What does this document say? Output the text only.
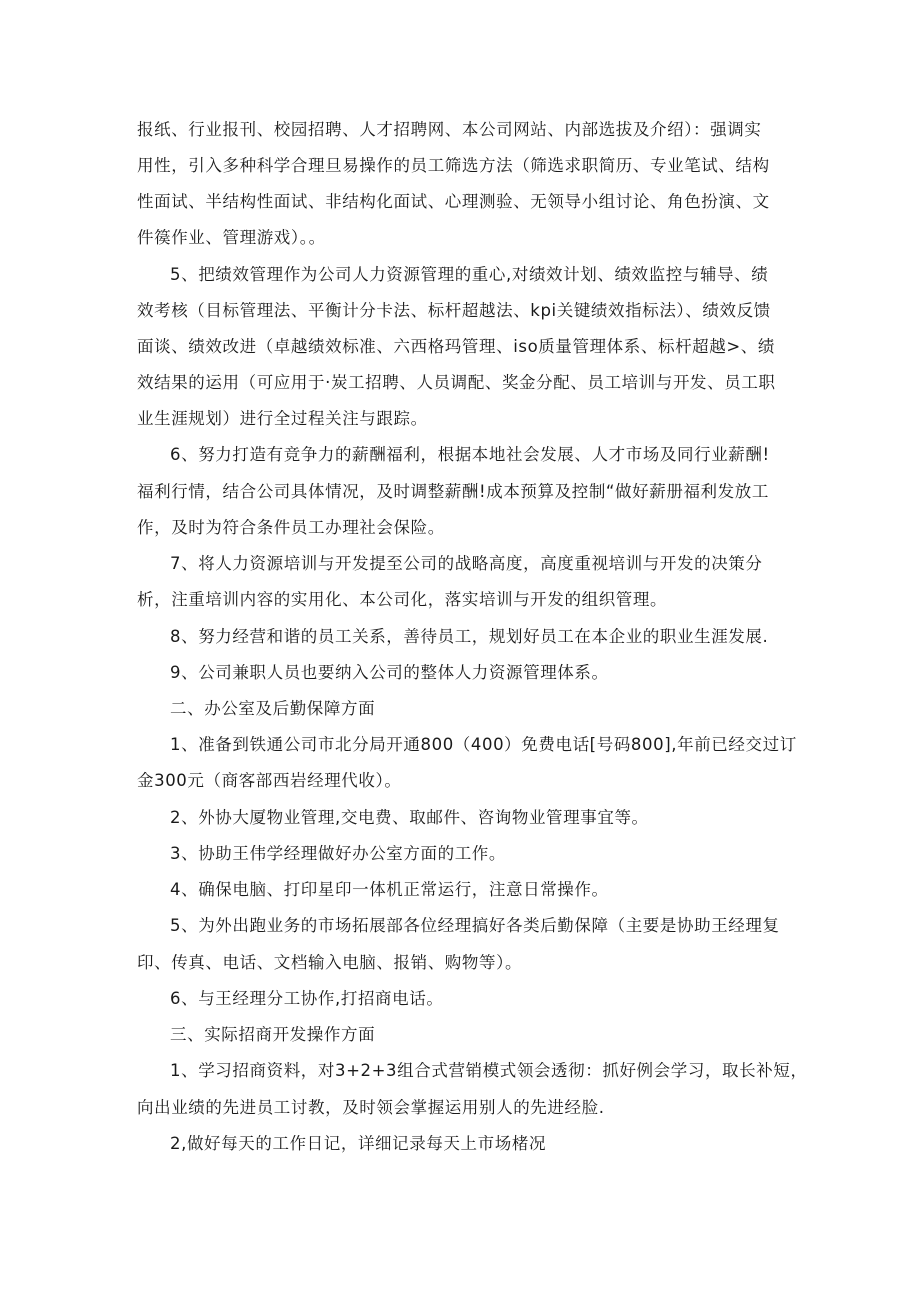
报纸、行业报刊、校园招聘、人才招聘网、本公司网站、内部选拔及介绍）：强调实
用性，引入多种科学合理旦易操作的员工筛选方法（筛选求职简历、专业笔试、结构
性面试、半结构性面试、非结构化面试、心理测验、无领导小组讨论、角色扮演、文
件篌作业、管理游戏）。。
5、把绩效管理作为公司人力资源管理的重心,对绩效计划、绩效监控与辅导、绩
效考核（目标管理法、平衡计分卡法、标杆超越法、kpi关键绩效指标法）、绩效反馈
面谈、绩效改进（卓越绩效标准、六西格玛管理、iso质量管理体系、标杆超越>、绩
效结果的运用（可应用于·炭工招聘、人员调配、奖金分配、员工培训与开发、员工职
业生涯规划）进行全过程关注与跟踪。
6、努力打造有竞争力的薪酬福利，根据本地社会发展、人才市场及同行业薪酬!
福利行情，结合公司具体情况，及时调整薪酬!成本预算及控制“做好薪册福利发放工
作，及时为符合条件员工办理社会保险。
7、将人力资源培训与开发提至公司的战略高度，高度重视培训与开发的决策分
析，注重培训内容的实用化、本公司化，落实培训与开发的组织管理。
8、努力经营和谐的员工关系，善待员工，规划好员工在本企业的职业生涯发展.
9、公司兼职人员也要纳入公司的整体人力资源管理体系。
二、办公室及后勤保障方面
1、准备到铁通公司市北分局开通800（400）免费电话[号码800],年前已经交过订
金300元（商客部西岩经理代收）。
2、外协大厦物业管理,交电费、取邮件、咨询物业管理事宜等。
3、协助王伟学经理做好办公室方面的工作。
4、确保电脑、打印星印一体机正常运行，注意日常操作。
5、为外出跑业务的市场拓展部各位经理搞好各类后勤保障（主要是协助王经理复
印、传真、电话、文档输入电脑、报销、购物等）。
6、与王经理分工协作,打招商电话。
三、实际招商开发操作方面
1、学习招商资料，对3+2+3组合式营销模式领会透彻：抓好例会学习，取长补短，
向出业绩的先进员工讨教，及时领会掌握运用别人的先进经脸.
2,做好每天的工作日记，详细记录每天上市场楮况
